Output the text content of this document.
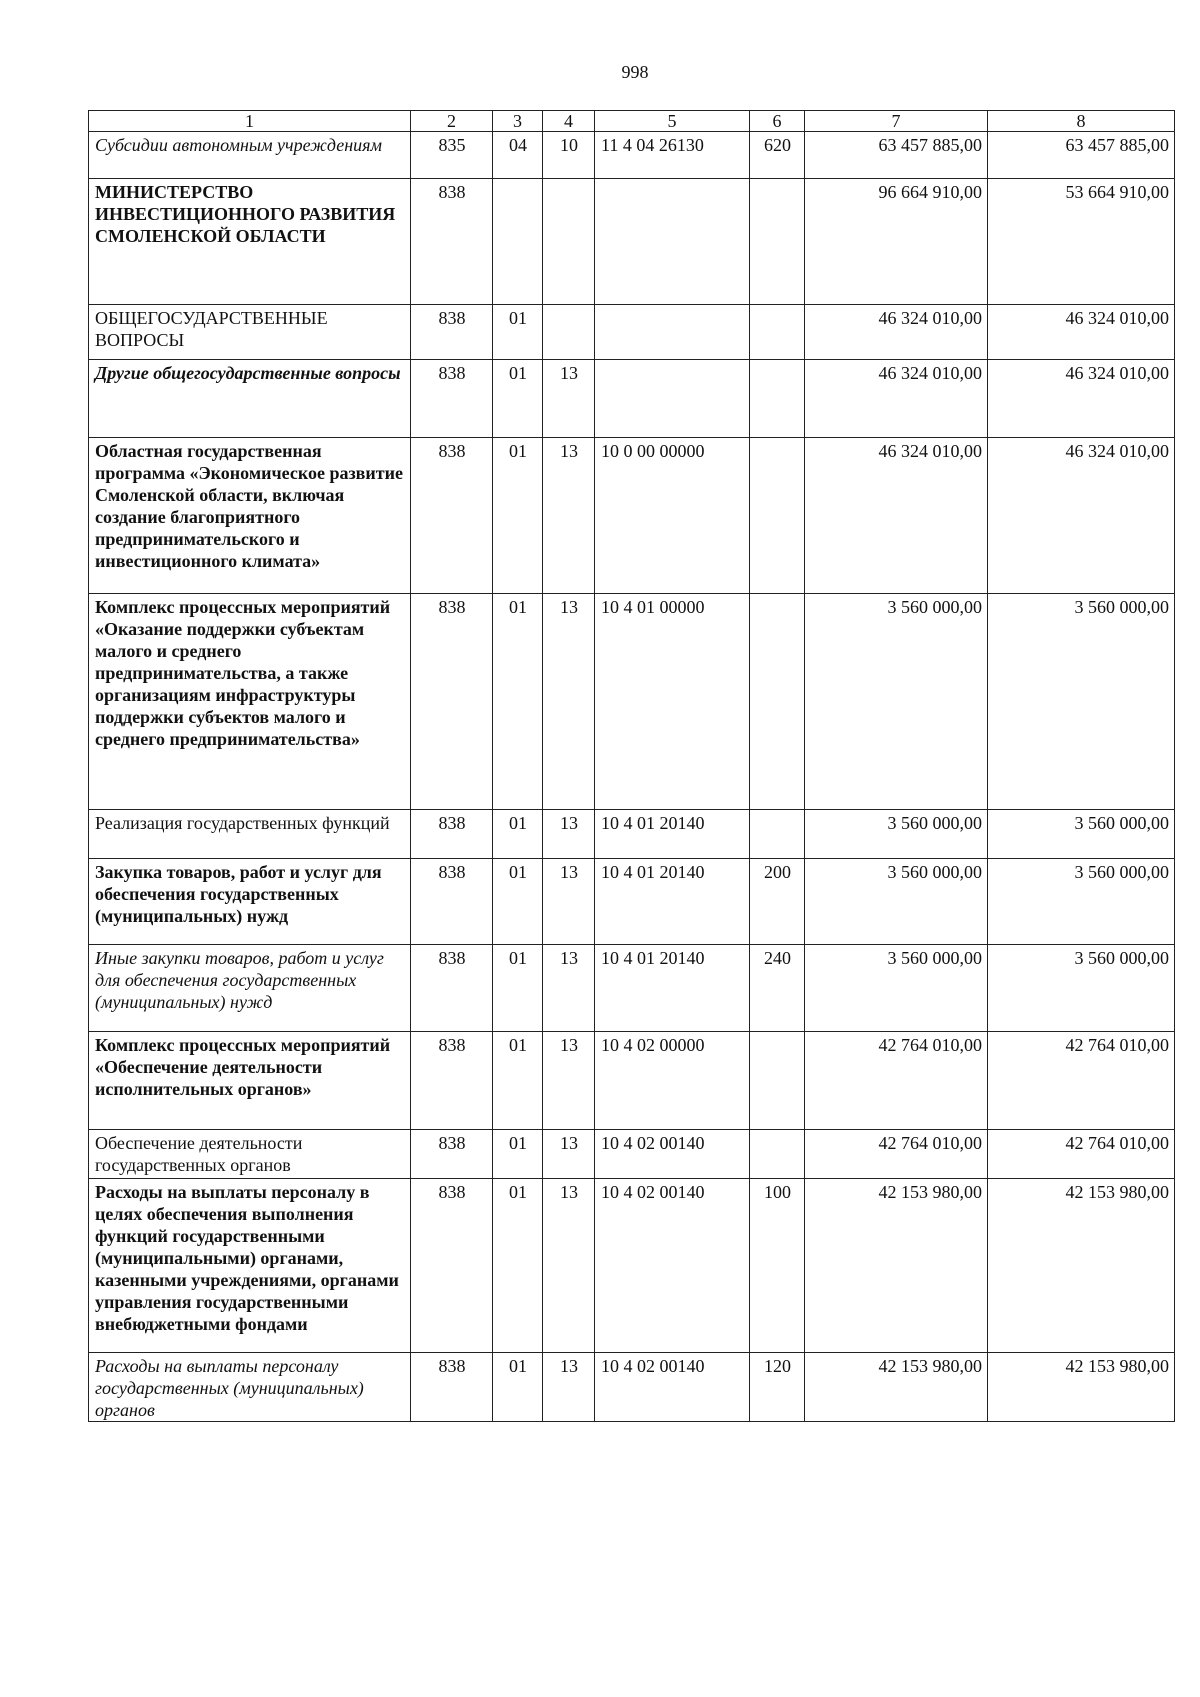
998
1	2	3	4	5	6	7	8
Субсидии автономным учреждениям	835	04	10	11 4 04 26130	620	63 457 885,00	63 457 885,00
МИНИСТЕРСТВО ИНВЕСТИЦИОННОГО РАЗВИТИЯ СМОЛЕНСКОЙ ОБЛАСТИ	838					96 664 910,00	53 664 910,00
ОБЩЕГОСУДАРСТВЕННЫЕ ВОПРОСЫ	838	01				46 324 010,00	46 324 010,00
Другие общегосударственные вопросы	838	01	13			46 324 010,00	46 324 010,00
Областная государственная программа «Экономическое развитие Смоленской области, включая создание благоприятного предпринимательского и инвестиционного климата»	838	01	13	10 0 00 00000		46 324 010,00	46 324 010,00
Комплекс процессных мероприятий «Оказание поддержки субъектам малого и среднего предпринимательства, а также организациям инфраструктуры поддержки субъектов малого и среднего предпринимательства»	838	01	13	10 4 01 00000		3 560 000,00	3 560 000,00
Реализация государственных функций	838	01	13	10 4 01 20140		3 560 000,00	3 560 000,00
Закупка товаров, работ и услуг для обеспечения государственных (муниципальных) нужд	838	01	13	10 4 01 20140	200	3 560 000,00	3 560 000,00
Иные закупки товаров, работ и услуг для обеспечения государственных (муниципальных) нужд	838	01	13	10 4 01 20140	240	3 560 000,00	3 560 000,00
Комплекс процессных мероприятий «Обеспечение деятельности исполнительных органов»	838	01	13	10 4 02 00000		42 764 010,00	42 764 010,00
Обеспечение деятельности государственных органов	838	01	13	10 4 02 00140		42 764 010,00	42 764 010,00
Расходы на выплаты персоналу в целях обеспечения выполнения функций государственными (муниципальными) органами, казенными учреждениями, органами управления государственными внебюджетными фондами	838	01	13	10 4 02 00140	100	42 153 980,00	42 153 980,00
Расходы на выплаты персоналу государственных (муниципальных) органов	838	01	13	10 4 02 00140	120	42 153 980,00	42 153 980,00
